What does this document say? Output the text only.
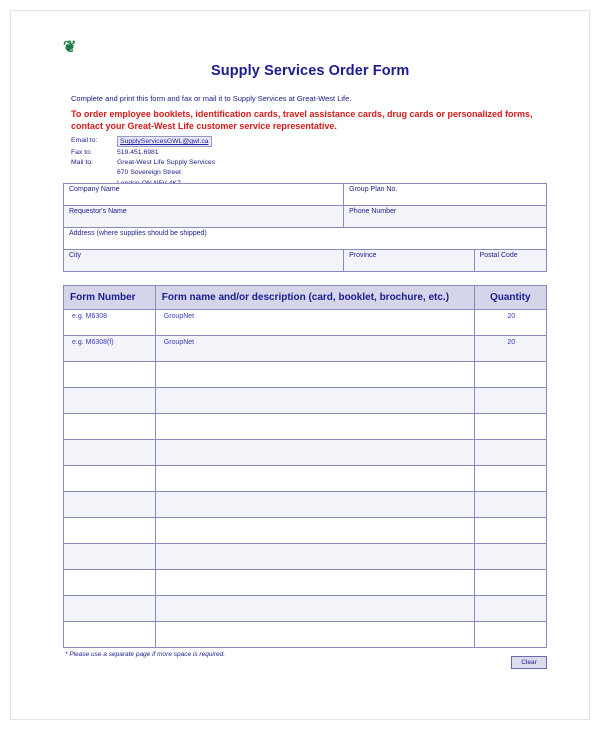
❦
Supply Services Order Form
Complete and print this form and fax or mail it to Supply Services at Great-West Life.
To order employee booklets, identification cards, travel assistance cards, drug cards or personalized forms, contact your Great-West Life customer service representative.
Email to:	SupplyServicesGWL@gwl.ca
Fax to:	519.451.6981
Mail to:	Great-West Life Supply Services
	670 Sovereign Street

Company Name	Group Plan No.	
Requestor's Name	Phone Number	
Address (where supplies should be shipped)		
City	Province	Postal Code
Form Number	Form name and/or description (card, booklet, brochure, etc.)	Quantity
e.g. M6308	GroupNet	20
e.g. M6308(f)	GroupNet	20

* Please use a separate page if more space is required.
Clear
